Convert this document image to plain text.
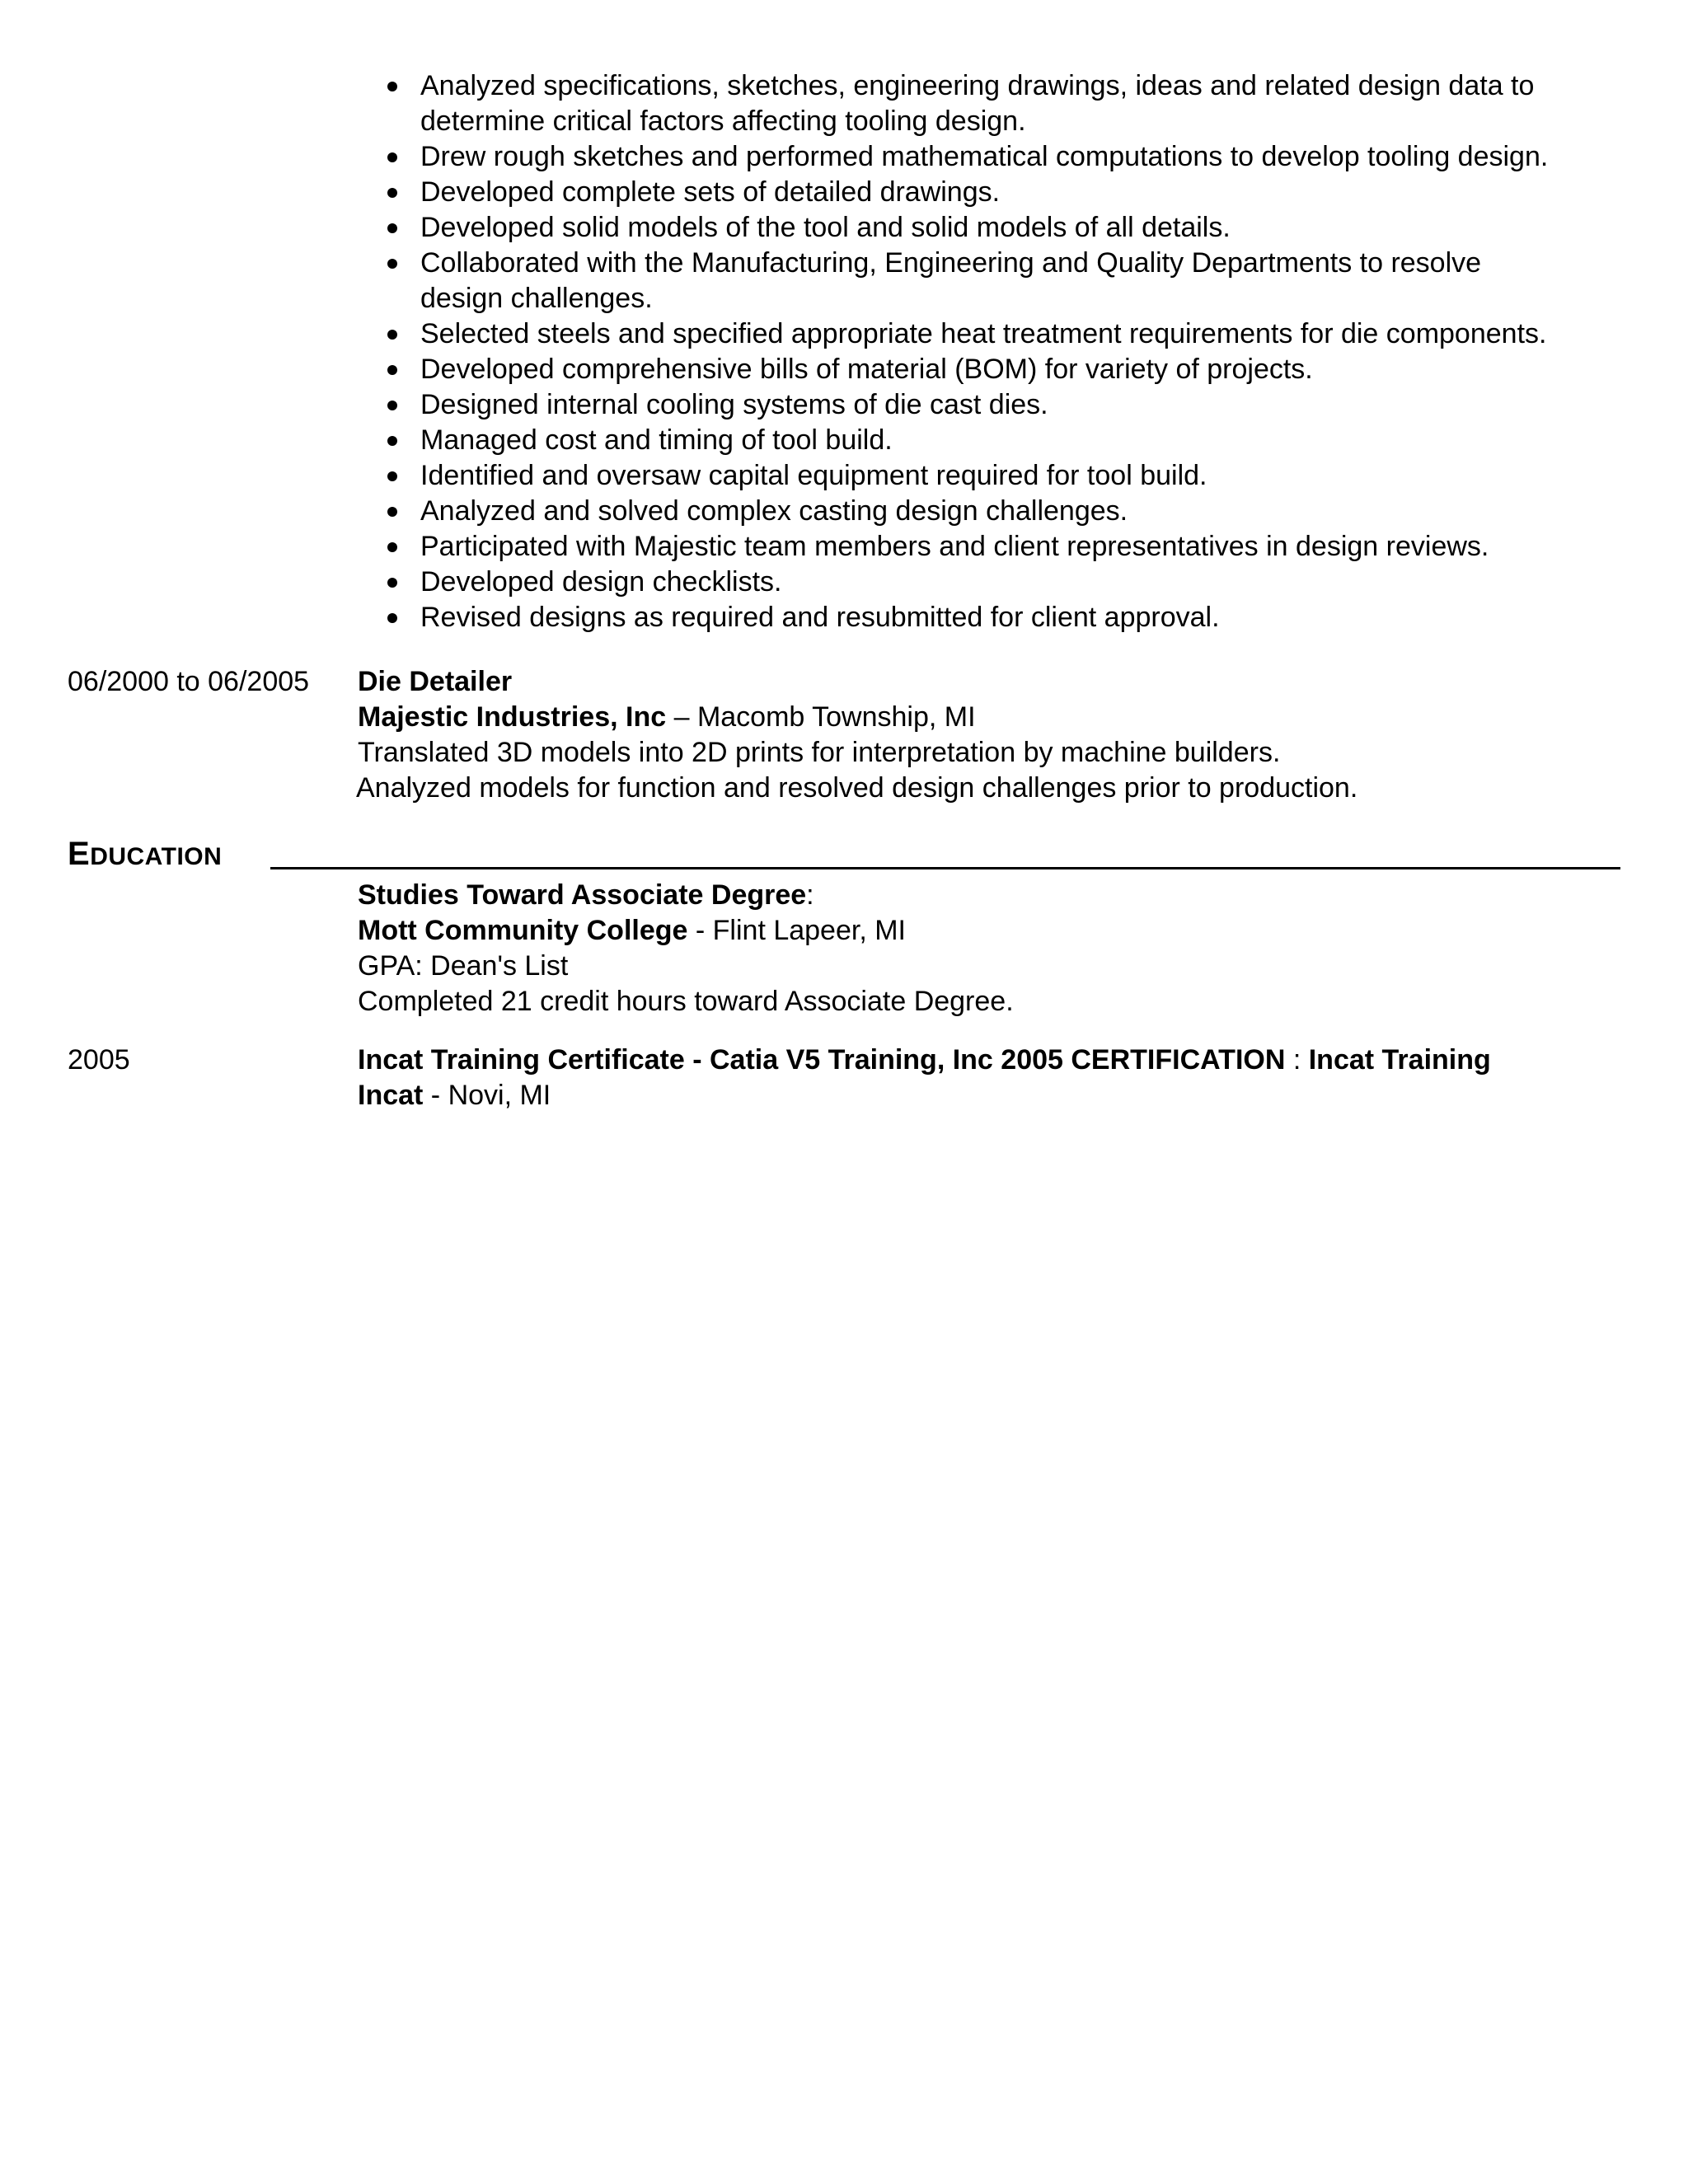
Analyzed specifications, sketches, engineering drawings, ideas and related design data to determine critical factors affecting tooling design.
Drew rough sketches and performed mathematical computations to develop tooling design.
Developed complete sets of detailed drawings.
Developed solid models of the tool and solid models of all details.
Collaborated with the Manufacturing, Engineering and Quality Departments to resolve design challenges.
Selected steels and specified appropriate heat treatment requirements for die components.
Developed comprehensive bills of material (BOM) for variety of projects.
Designed internal cooling systems of die cast dies.
Managed cost and timing of tool build.
Identified and oversaw capital equipment required for tool build.
Analyzed and solved complex casting design challenges.
Participated with Majestic team members and client representatives in design reviews.
Developed design checklists.
Revised designs as required and resubmitted for client approval.
06/2000 to 06/2005	Die Detailer
Majestic Industries, Inc – Macomb Township, MI
Translated 3D models into 2D prints for interpretation by machine builders.
Analyzed models for function and resolved design challenges prior to production.
EDUCATION
Studies Toward Associate Degree:
Mott Community College - Flint Lapeer, MI
GPA: Dean's List
Completed 21 credit hours toward Associate Degree.
2005	Incat Training Certificate - Catia V5 Training, Inc 2005 CERTIFICATION : Incat Training
Incat - Novi, MI
